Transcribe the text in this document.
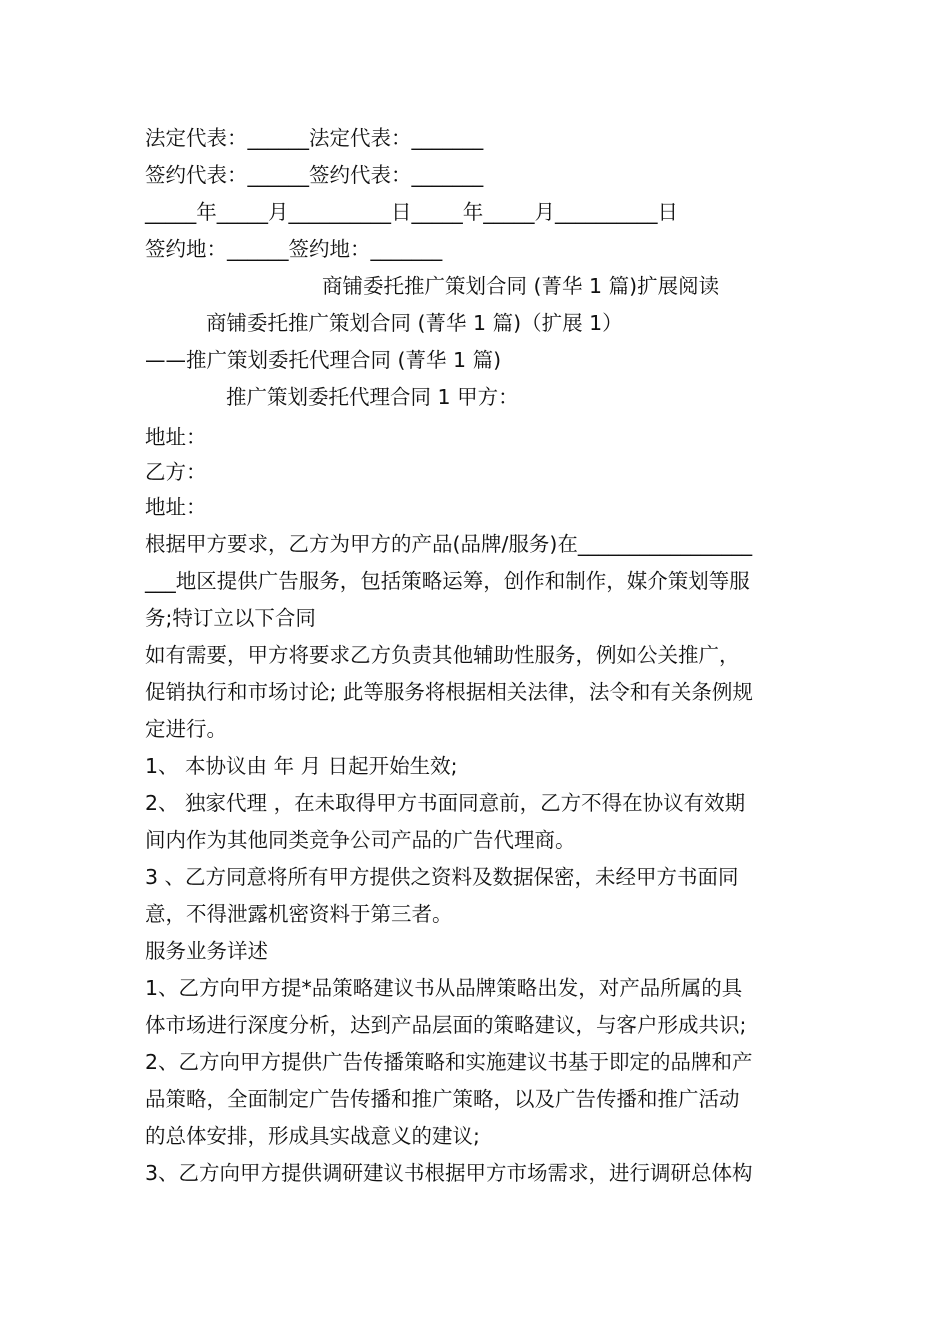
法定代表：______法定代表：_______
签约代表：______签约代表：_______
_____年_____月__________日_____年_____月__________日
签约地：______签约地：_______
商铺委托推广策划合同 (菁华 1 篇)扩展阅读
商铺委托推广策划合同 (菁华 1 篇)（扩展 1）
——推广策划委托代理合同 (菁华 1 篇)
推广策划委托代理合同 1 甲方：
地址：
乙方：
地址：
根据甲方要求，乙方为甲方的产品(品牌/服务)在_________________
___地区提供广告服务，包括策略运筹，创作和制作，媒介策划等服
务;特订立以下合同
如有需要，甲方将要求乙方负责其他辅助性服务，例如公关推广，
促销执行和市场讨论; 此等服务将根据相关法律，法令和有关条例规
定进行。
1、 本协议由 年 月 日起开始生效;
2、 独家代理 ，在未取得甲方书面同意前，乙方不得在协议有效期
间内作为其他同类竞争公司产品的广告代理商。
3 、乙方同意将所有甲方提供之资料及数据保密，未经甲方书面同
意，不得泄露机密资料于第三者。
服务业务详述
1、乙方向甲方提*品策略建议书从品牌策略出发，对产品所属的具
体市场进行深度分析，达到产品层面的策略建议，与客户形成共识;
2、乙方向甲方提供广告传播策略和实施建议书基于即定的品牌和产
品策略，全面制定广告传播和推广策略，以及广告传播和推广活动
的总体安排，形成具实战意义的建议;
3、乙方向甲方提供调研建议书根据甲方市场需求，进行调研总体构
